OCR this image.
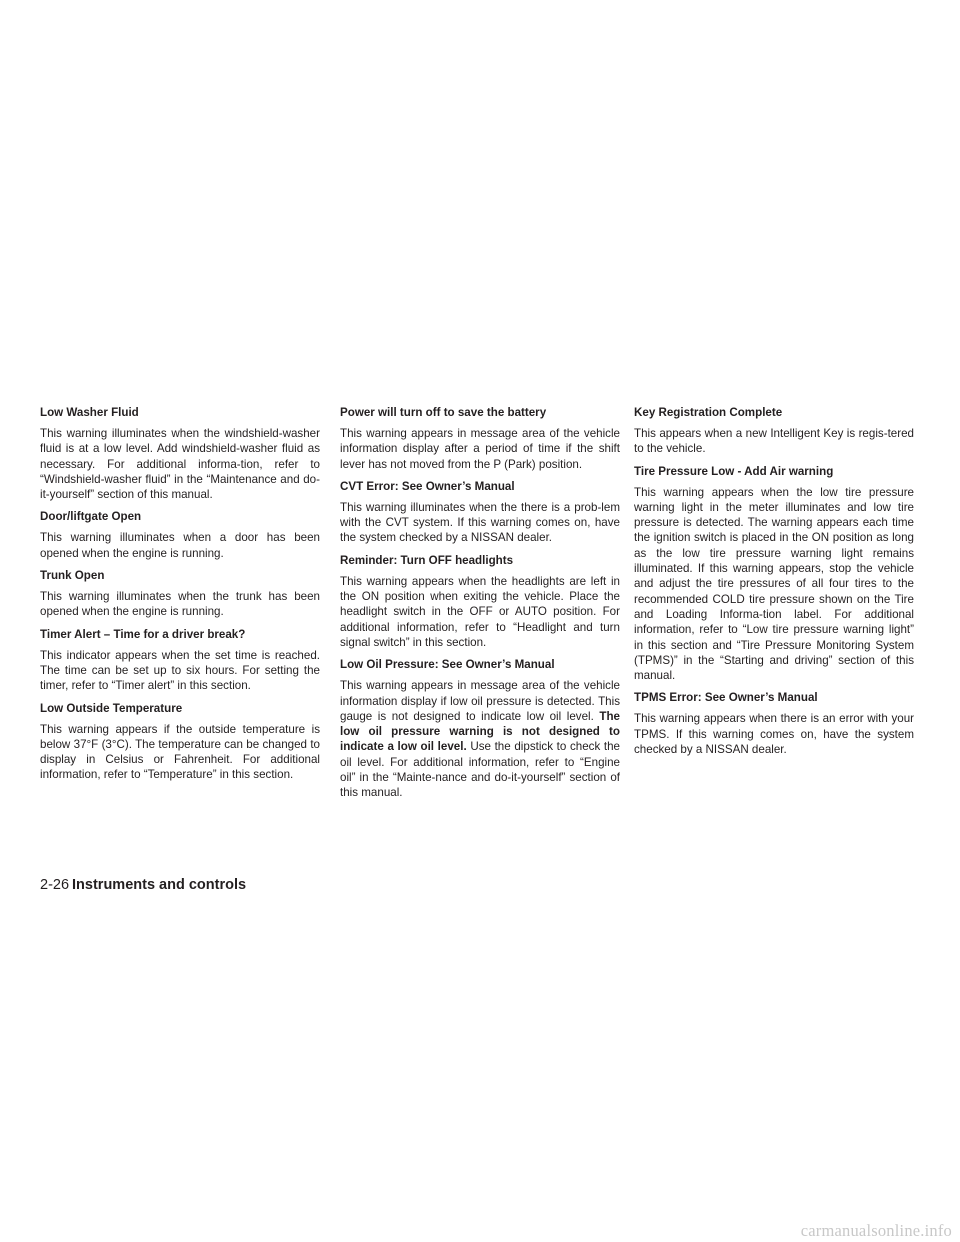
Low Washer Fluid

This warning illuminates when the windshield-washer fluid is at a low level. Add windshield-washer fluid as necessary. For additional informa-tion, refer to “Windshield-washer fluid” in the “Maintenance and do-it-yourself” section of this manual.

Door/liftgate Open

This warning illuminates when a door has been opened when the engine is running.

Trunk Open

This warning illuminates when the trunk has been opened when the engine is running.

Timer Alert – Time for a driver break?

This indicator appears when the set time is reached. The time can be set up to six hours. For setting the timer, refer to “Timer alert” in this section.

Low Outside Temperature

This warning appears if the outside temperature is below 37°F (3°C). The temperature can be changed to display in Celsius or Fahrenheit. For additional information, refer to “Temperature” in this section.

Power will turn off to save the battery

This warning appears in message area of the vehicle information display after a period of time if the shift lever has not moved from the P (Park) position.

CVT Error: See Owner’s Manual

This warning illuminates when the there is a prob-lem with the CVT system. If this warning comes on, have the system checked by a NISSAN dealer.

Reminder: Turn OFF headlights

This warning appears when the headlights are left in the ON position when exiting the vehicle. Place the headlight switch in the OFF or AUTO position. For additional information, refer to “Headlight and turn signal switch” in this section.

Low Oil Pressure: See Owner’s Manual

This warning appears in message area of the vehicle information display if low oil pressure is detected. This gauge is not designed to indicate low oil level. The low oil pressure warning is not designed to indicate a low oil level. Use the dipstick to check the oil level. For additional information, refer to “Engine oil” in the “Mainte-nance and do-it-yourself” section of this manual.

Key Registration Complete

This appears when a new Intelligent Key is regis-tered to the vehicle.

Tire Pressure Low - Add Air warning

This warning appears when the low tire pressure warning light in the meter illuminates and low tire pressure is detected. The warning appears each time the ignition switch is placed in the ON position as long as the low tire pressure warning light remains illuminated. If this warning appears, stop the vehicle and adjust the tire pressures of all four tires to the recommended COLD tire pressure shown on the Tire and Loading Informa-tion label. For additional information, refer to “Low tire pressure warning light” in this section and “Tire Pressure Monitoring System (TPMS)” in the “Starting and driving” section of this manual.

TPMS Error: See Owner’s Manual

This warning appears when there is an error with your TPMS. If this warning comes on, have the system checked by a NISSAN dealer.

2-26 Instruments and controls
carmanualsonline.info
